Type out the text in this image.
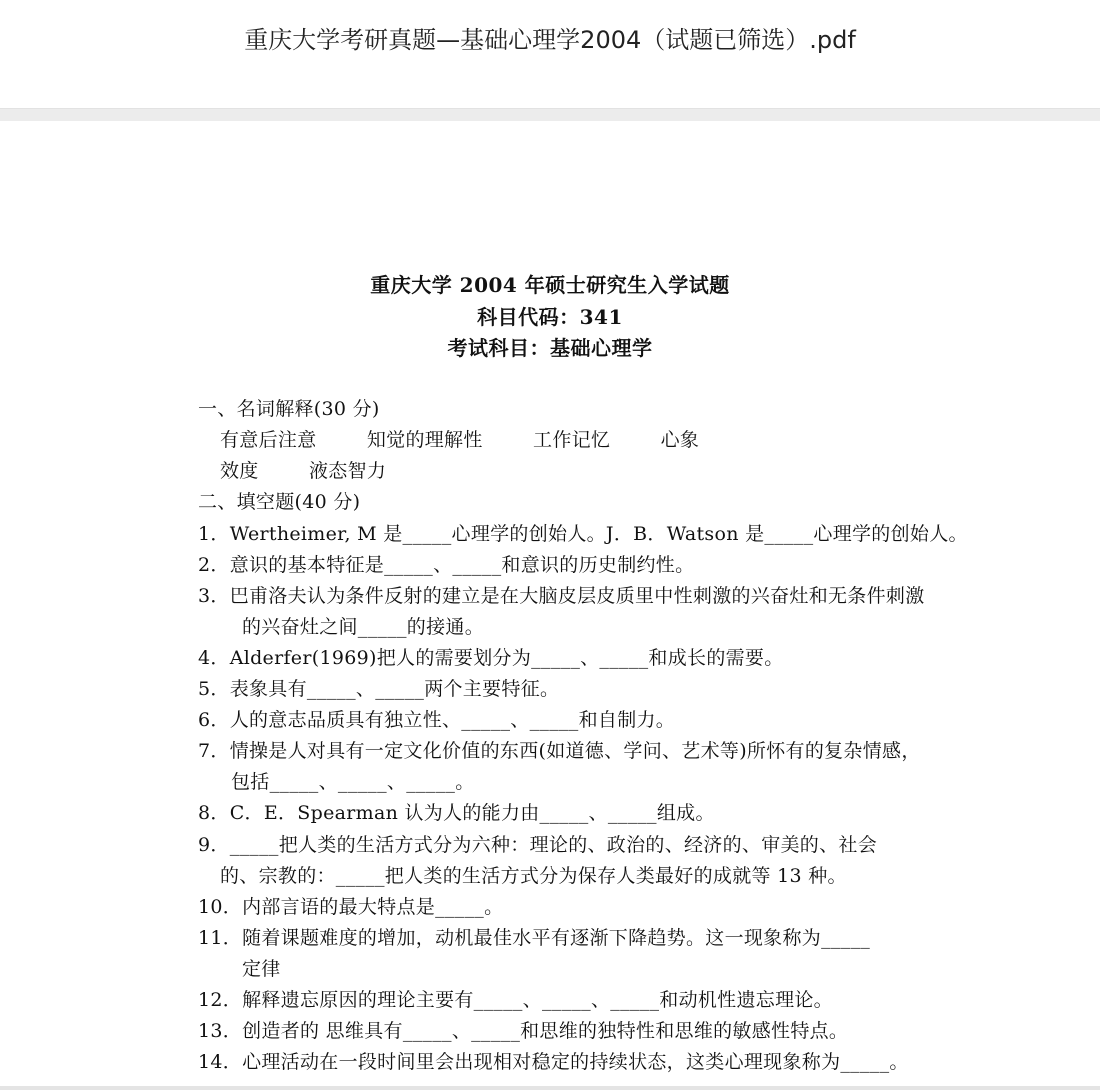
重庆大学考研真题—基础心理学2004（试题已筛选）.pdf
重庆大学 2004 年硕士研究生入学试题
科目代码：341
考试科目：基础心理学
一、名词解释(30 分)
有意后注意	知觉的理解性	工作记忆	心象
效度	液态智力
二、填空题(40 分)
1．Wertheimer, M 是_____心理学的创始人。J．B．Watson 是_____心理学的创始人。
2．意识的基本特征是_____、_____和意识的历史制约性。
3．巴甫洛夫认为条件反射的建立是在大脑皮层皮质里中性刺激的兴奋灶和无条件刺激
的兴奋灶之间_____的接通。
4．Alderfer(1969)把人的需要划分为_____、_____和成长的需要。
5．表象具有_____、_____两个主要特征。
6．人的意志品质具有独立性、_____、_____和自制力。
7．情操是人对具有一定文化价值的东西(如道德、学问、艺术等)所怀有的复杂情感，
包括_____、_____、_____。
8．C．E．Spearman 认为人的能力由_____、_____组成。
9．_____把人类的生活方式分为六种：理论的、政治的、经济的、审美的、社会
的、宗教的：_____把人类的生活方式分为保存人类最好的成就等 13 种。
10．内部言语的最大特点是_____。
11．随着课题难度的增加，动机最佳水平有逐渐下降趋势。这一现象称为_____
定律
12．解释遗忘原因的理论主要有_____、_____、_____和动机性遗忘理论。
13．创造者的 思维具有_____、_____和思维的独特性和思维的敏感性特点。
14．心理活动在一段时间里会出现相对稳定的持续状态，这类心理现象称为_____。
